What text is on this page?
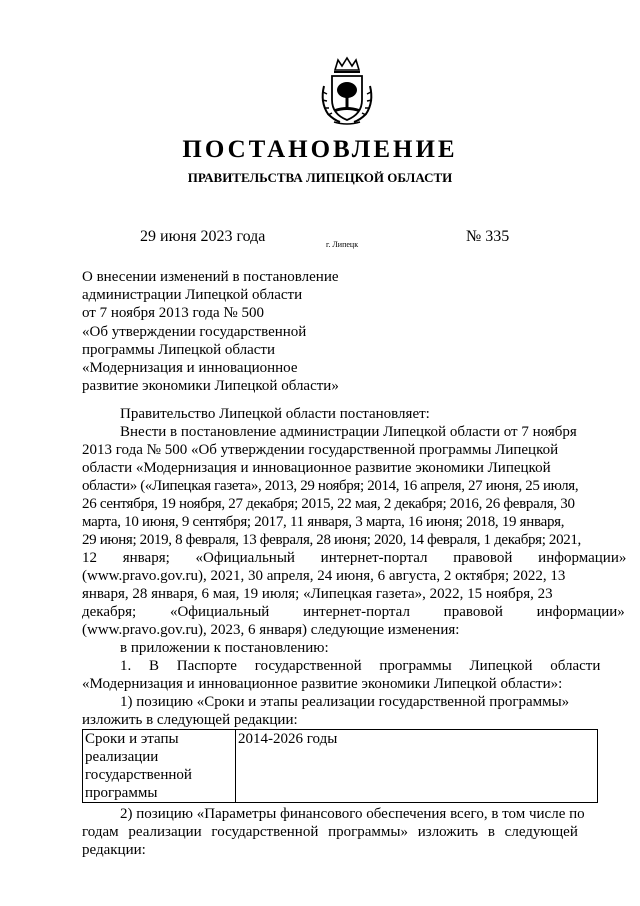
ПОСТАНОВЛЕНИЕ
ПРАВИТЕЛЬСТВА ЛИПЕЦКОЙ ОБЛАСТИ
29 июня 2023 года	г. Липецк	№ 335
О внесении изменений в постановление
администрации Липецкой области
от 7 ноября 2013 года № 500
«Об утверждении государственной
программы Липецкой области
«Модернизация и инновационное
развитие экономики Липецкой области»
Правительство Липецкой области постановляет:
Внести в постановление администрации Липецкой области от 7 ноября
2013 года № 500 «Об утверждении государственной программы Липецкой
области «Модернизация и инновационное развитие экономики Липецкой
области» («Липецкая газета», 2013, 29 ноября; 2014, 16 апреля, 27 июня, 25 июля,
26 сентября, 19 ноября, 27 декабря; 2015, 22 мая, 2 декабря; 2016, 26 февраля, 30
марта, 10 июня, 9 сентября; 2017, 11 января, 3 марта, 16 июня; 2018, 19 января,
29 июня; 2019, 8 февраля, 13 февраля, 28 июня; 2020, 14 февраля, 1 декабря; 2021,
12 января; «Официальный интернет-портал правовой информации»
(www.pravo.gov.ru), 2021, 30 апреля, 24 июня, 6 августа, 2 октября; 2022, 13
января, 28 января, 6 мая, 19 июля; «Липецкая газета», 2022, 15 ноября, 23
декабря; «Официальный интернет-портал правовой информации»
(www.pravo.gov.ru), 2023, 6 января) следующие изменения:
в приложении к постановлению:
1. В Паспорте государственной программы Липецкой области
«Модернизация и инновационное развитие экономики Липецкой области»:
1) позицию «Сроки и этапы реализации государственной программы»
изложить в следующей редакции:
Сроки и этапы
реализации
государственной
программы
	2014-2026 годы
2) позицию «Параметры финансового обеспечения всего, в том числе по
годам реализации государственной программы» изложить в следующей
редакции:
